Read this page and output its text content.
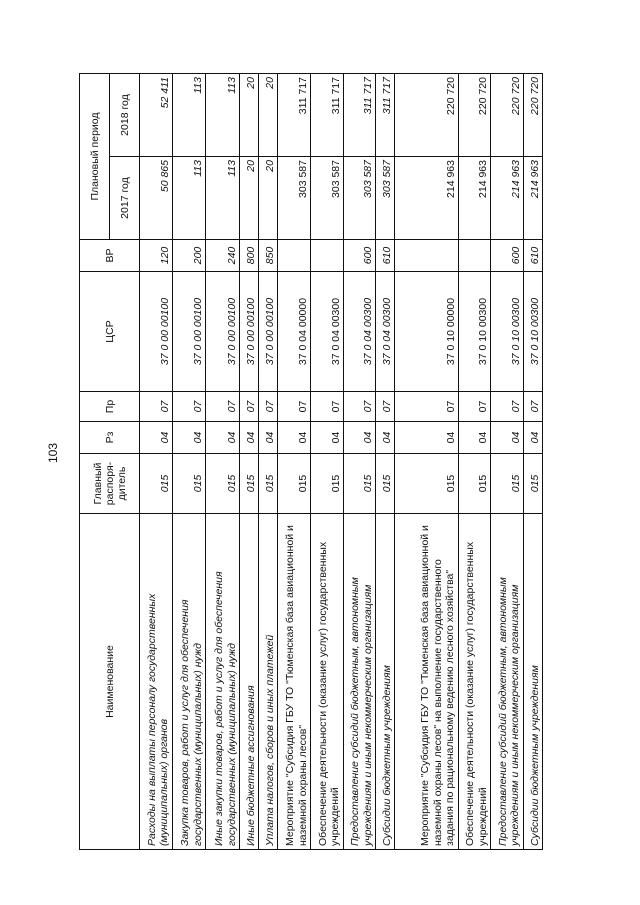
103
Наименование	Главный распоря-дитель	Рз	Пр	ЦСР	ВР	Плановый период	
						2017 год	2018 год
Расходы на выплаты персоналу государственных (муниципальных) органов	015	04	07	37 0 00 00100	120	50 865	52 411
Закупка товаров, работ и услуг для обеспечения государственных (муниципальных) нужд	015	04	07	37 0 00 00100	200	113	113
Иные закупки товаров, работ и услуг для обеспечения государственных (муниципальных) нужд	015	04	07	37 0 00 00100	240	113	113
Иные бюджетные ассигнования	015	04	07	37 0 00 00100	800	20	20
Уплата налогов, сборов и иных платежей	015	04	07	37 0 00 00100	850	20	20
Мероприятие "Субсидия ГБУ ТО "Тюменская база авиационной и наземной охраны лесов"	015	04	07	37 0 04 00000		303 587	311 717
Обеспечение деятельности (оказание услуг) государственных учреждений	015	04	07	37 0 04 00300		303 587	311 717
Предоставление субсидий бюджетным, автономным учреждениям и иным некоммерческим организациям	015	04	07	37 0 04 00300	600	303 587	311 717
Субсидии бюджетным учреждениям	015	04	07	37 0 04 00300	610	303 587	311 717
Мероприятие "Субсидия ГБУ ТО "Тюменская база авиационной и наземной охраны лесов" на выполнение государственного задания по рациональному ведению лесного хозяйства"	015	04	07	37 0 10 00000		214 963	220 720
Обеспечение деятельности (оказание услуг) государственных учреждений	015	04	07	37 0 10 00300		214 963	220 720
Предоставление субсидий бюджетным, автономным учреждениям и иным некоммерческим организациям	015	04	07	37 0 10 00300	600	214 963	220 720
Субсидии бюджетным учреждениям	015	04	07	37 0 10 00300	610	214 963	220 720
